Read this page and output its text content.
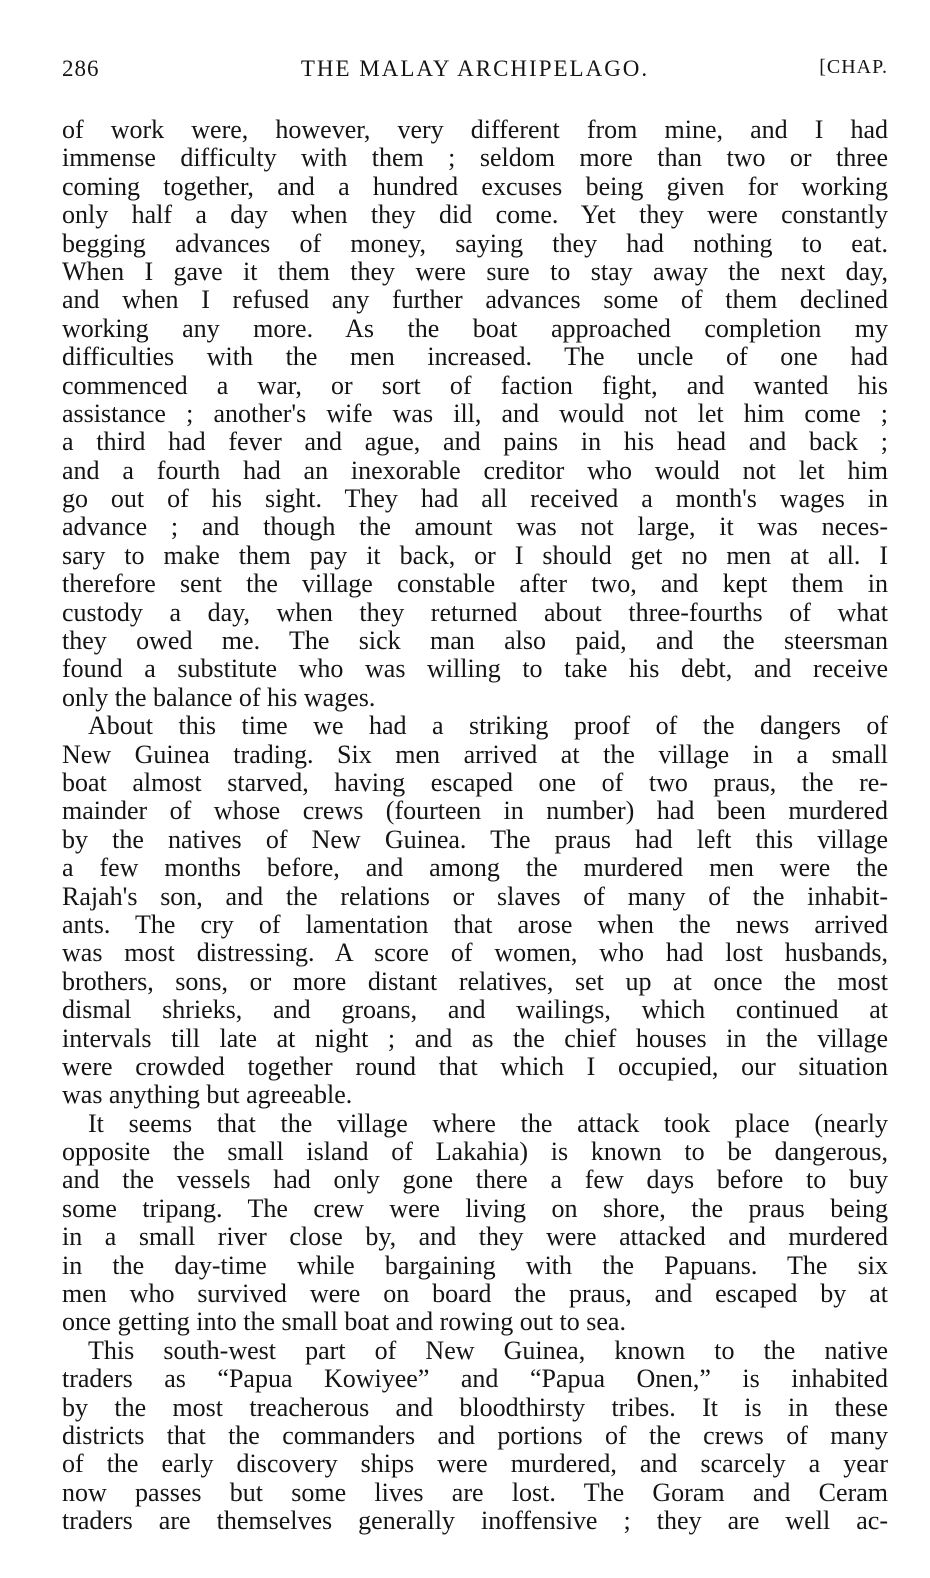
286	THE MALAY ARCHIPELAGO.	[CHAP.
of work were, however, very different from mine, and I had
immense difficulty with them ; seldom more than two or three
coming together, and a hundred excuses being given for working
only half a day when they did come. Yet they were constantly
begging advances of money, saying they had nothing to eat.
When I gave it them they were sure to stay away the next day,
and when I refused any further advances some of them declined
working any more. As the boat approached completion my
difficulties with the men increased. The uncle of one had
commenced a war, or sort of faction fight, and wanted his
assistance ; another's wife was ill, and would not let him come ;
a third had fever and ague, and pains in his head and back ;
and a fourth had an inexorable creditor who would not let him
go out of his sight. They had all received a month's wages in
advance ; and though the amount was not large, it was neces-
sary to make them pay it back, or I should get no men at all. I
therefore sent the village constable after two, and kept them in
custody a day, when they returned about three-fourths of what
they owed me. The sick man also paid, and the steersman
found a substitute who was willing to take his debt, and receive
only the balance of his wages.
About this time we had a striking proof of the dangers of
New Guinea trading. Six men arrived at the village in a small
boat almost starved, having escaped one of two praus, the re-
mainder of whose crews (fourteen in number) had been murdered
by the natives of New Guinea. The praus had left this village
a few months before, and among the murdered men were the
Rajah's son, and the relations or slaves of many of the inhabit-
ants. The cry of lamentation that arose when the news arrived
was most distressing. A score of women, who had lost husbands,
brothers, sons, or more distant relatives, set up at once the most
dismal shrieks, and groans, and wailings, which continued at
intervals till late at night ; and as the chief houses in the village
were crowded together round that which I occupied, our situation
was anything but agreeable.
It seems that the village where the attack took place (nearly
opposite the small island of Lakahia) is known to be dangerous,
and the vessels had only gone there a few days before to buy
some tripang. The crew were living on shore, the praus being
in a small river close by, and they were attacked and murdered
in the day-time while bargaining with the Papuans. The six
men who survived were on board the praus, and escaped by at
once getting into the small boat and rowing out to sea.
This south-west part of New Guinea, known to the native
traders as “Papua Kowiyee” and “Papua Onen,” is inhabited
by the most treacherous and bloodthirsty tribes. It is in these
districts that the commanders and portions of the crews of many
of the early discovery ships were murdered, and scarcely a year
now passes but some lives are lost. The Goram and Ceram
traders are themselves generally inoffensive ; they are well ac-
